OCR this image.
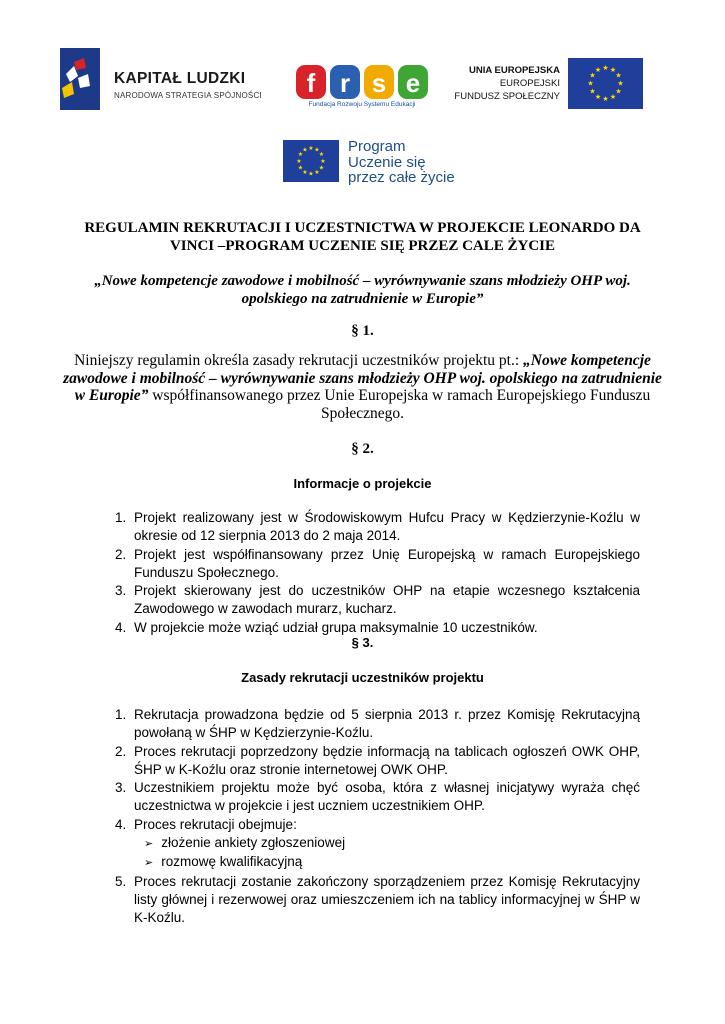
KAPITAŁ LUDZKI
NARODOWA STRATEGIA SPÓJNOŚCI f r s e
Fundacja Rozwoju Systemu Edukacji
UNIA EUROPEJSKA
EUROPEJSKI
FUNDUSZ SPOŁECZNY
★ ★
★
★
★
★
★
★
★
★
★
★
★ ★
★
★
★
★
★
★
★
★
★
★	Program
Uczenie się
przez całe życie
REGULAMIN REKRUTACJI I UCZESTNICTWA W PROJEKCIE LEONARDO DA
VINCI –PROGRAM UCZENIE SIĘ PRZEZ CALE ŻYCIE
„Nowe kompetencje zawodowe i mobilność – wyrównywanie szans młodzieży OHP woj.
opolskiego na zatrudnienie w Europie”
§ 1.
Niniejszy regulamin określa zasady rekrutacji uczestników projektu pt.: „Nowe kompetencje zawodowe i mobilność – wyrównywanie szans młodzieży OHP woj. opolskiego na zatrudnienie w Europie” współfinansowanego przez Unie Europejska w ramach Europejskiego Funduszu Społecznego.
§ 2.
Informacje o projekcie
1. Projekt realizowany jest w Środowiskowym Hufcu Pracy w Kędzierzynie-Koźlu w okresie od 12 sierpnia 2013 do 2 maja 2014.
2. Projekt jest współfinansowany przez Unię Europejską w ramach Europejskiego Funduszu Społecznego.
3. Projekt skierowany jest do uczestników OHP na etapie wczesnego kształcenia Zawodowego w zawodach murarz, kucharz.
4. W projekcie może wziąć udział grupa maksymalnie 10 uczestników.
§ 3.
Zasady rekrutacji uczestników projektu
1. Rekrutacja prowadzona będzie od 5 sierpnia 2013 r. przez Komisję Rekrutacyjną powołaną w ŚHP w Kędzierzynie-Koźlu.
2. Proces rekrutacji poprzedzony będzie informacją na tablicach ogłoszeń OWK OHP, ŚHP w K-Koźlu oraz stronie internetowej OWK OHP.
3. Uczestnikiem projektu może być osoba, która z własnej inicjatywy wyraża chęć uczestnictwa w projekcie i jest uczniem uczestnikiem OHP.
4. Proces rekrutacji obejmuje:
➢ złożenie ankiety zgłoszeniowej
➢ rozmowę kwalifikacyjną
5. Proces rekrutacji zostanie zakończony sporządzeniem przez Komisję Rekrutacyjny listy głównej i rezerwowej oraz umieszczeniem ich na tablicy informacyjnej w ŚHP w K-Koźlu.
